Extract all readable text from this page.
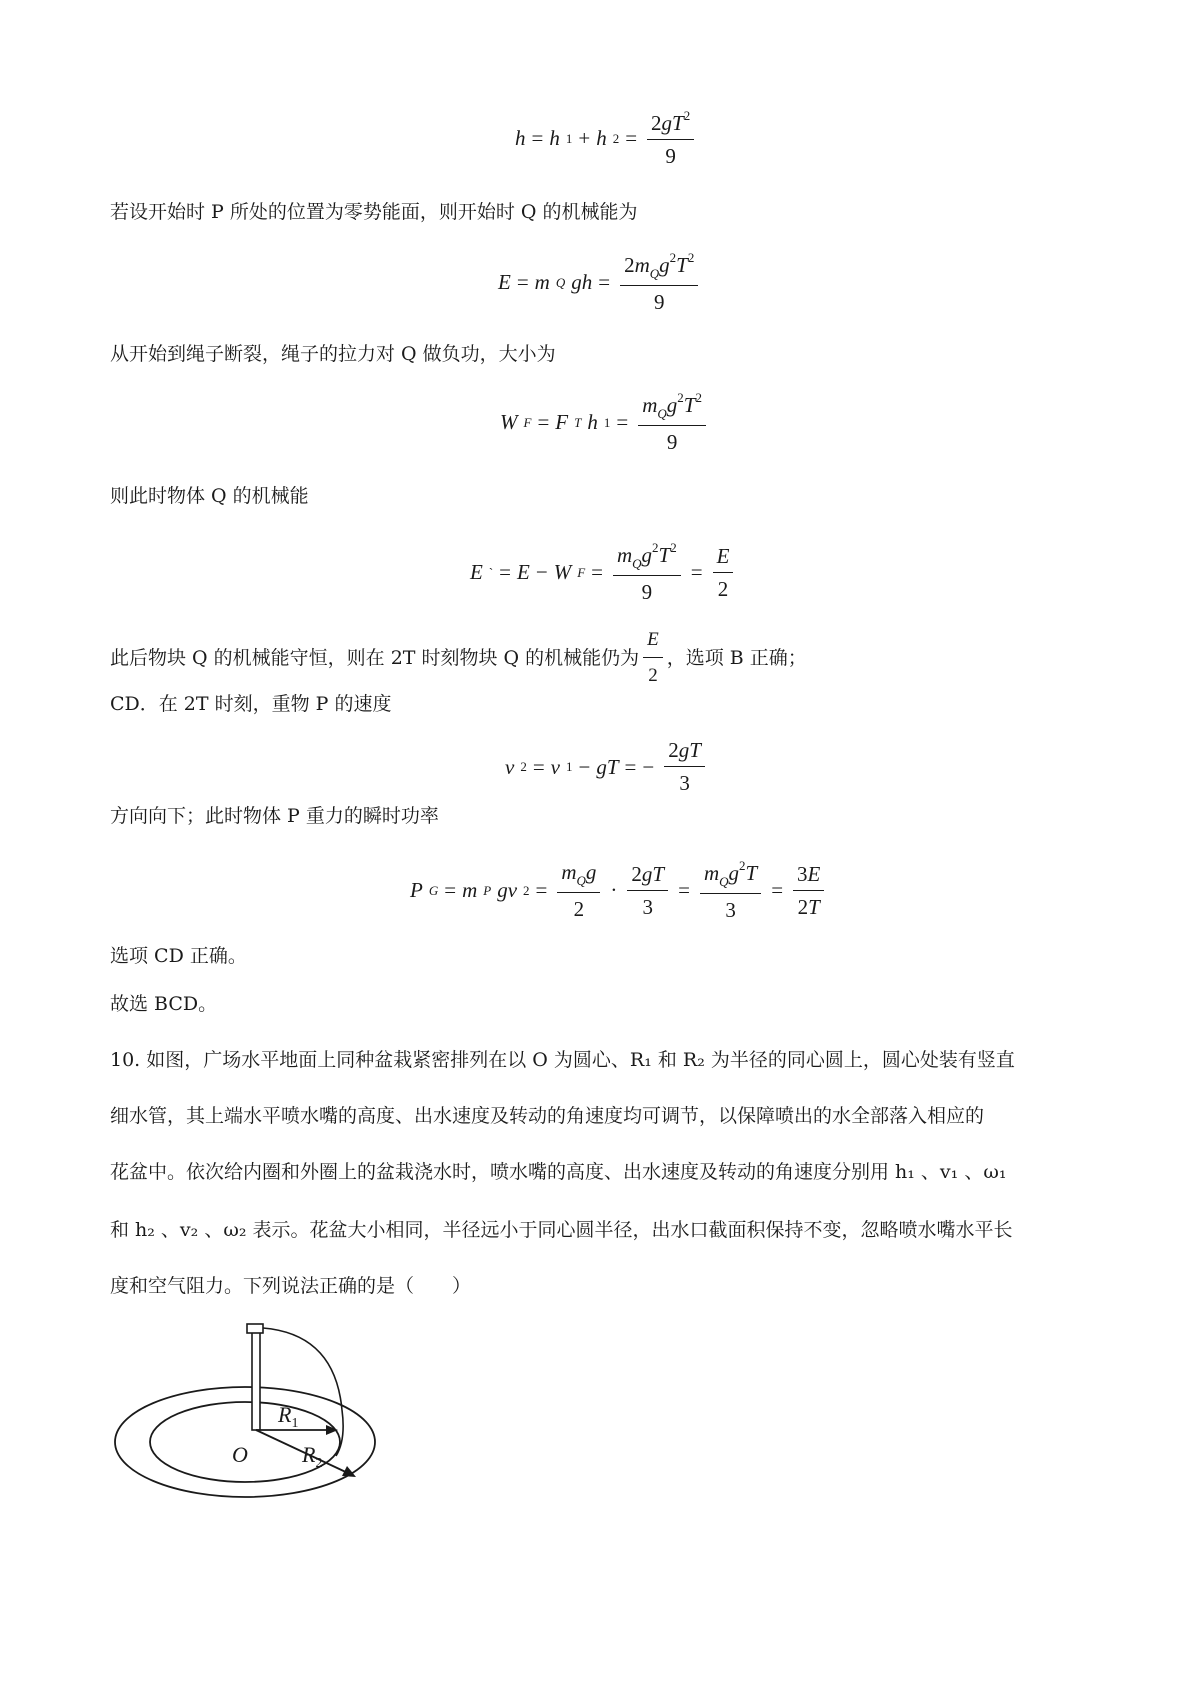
h = h 1 + h $2 = \frac{2gT^2}{9}$
若设开始时 P 所处的位置为零势能面，则开始时 Q 的机械能为
E = m Q gh = $\frac{2m_Qg^2T^2}{9}$
从开始到绳子断裂，绳子的拉力对 Q 做负功，大小为
W F = F T h $1 = \frac{m_Qg^2T^2}{9}$
则此时物体 Q 的机械能
E ` = E − W $F = \frac{m_Qg^2T^2}{9} = \frac{E}{2}$
此后物块 Q 的机械能守恒，则在 2T 时刻物块 Q 的机械能仍为 $\frac{E}{2}$ ，选项 B 正确；
CD．在 2T 时刻，重物 P 的速度
v 2 = v 1 − gT = − $\frac{2gT}{3}$
方向向下；此时物体 P 重力的瞬时功率
P G = m P gv $2 = \frac{m_Qg}{2} \cdot \frac{2gT}{3} = \frac{m_Qg^2T}{3} = \frac{3E}{2T}$
选项 CD 正确。
故选 BCD。
10. 如图，广场水平地面上同种盆栽紧密排列在以 O 为圆心、R₁ 和 R₂ 为半径的同心圆上，圆心处装有竖直
细水管，其上端水平喷水嘴的高度、出水速度及转动的角速度均可调节，以保障喷出的水全部落入相应的
花盆中。依次给内圈和外圈上的盆栽浇水时，喷水嘴的高度、出水速度及转动的角速度分别用 h₁ 、v₁ 、ω₁
和 h₂ 、v₂ 、ω₂ 表示。花盆大小相同，半径远小于同心圆半径，出水口截面积保持不变，忽略喷水嘴水平长
度和空气阻力。下列说法正确的是（　　）
$R_1$
$R_2$
O
